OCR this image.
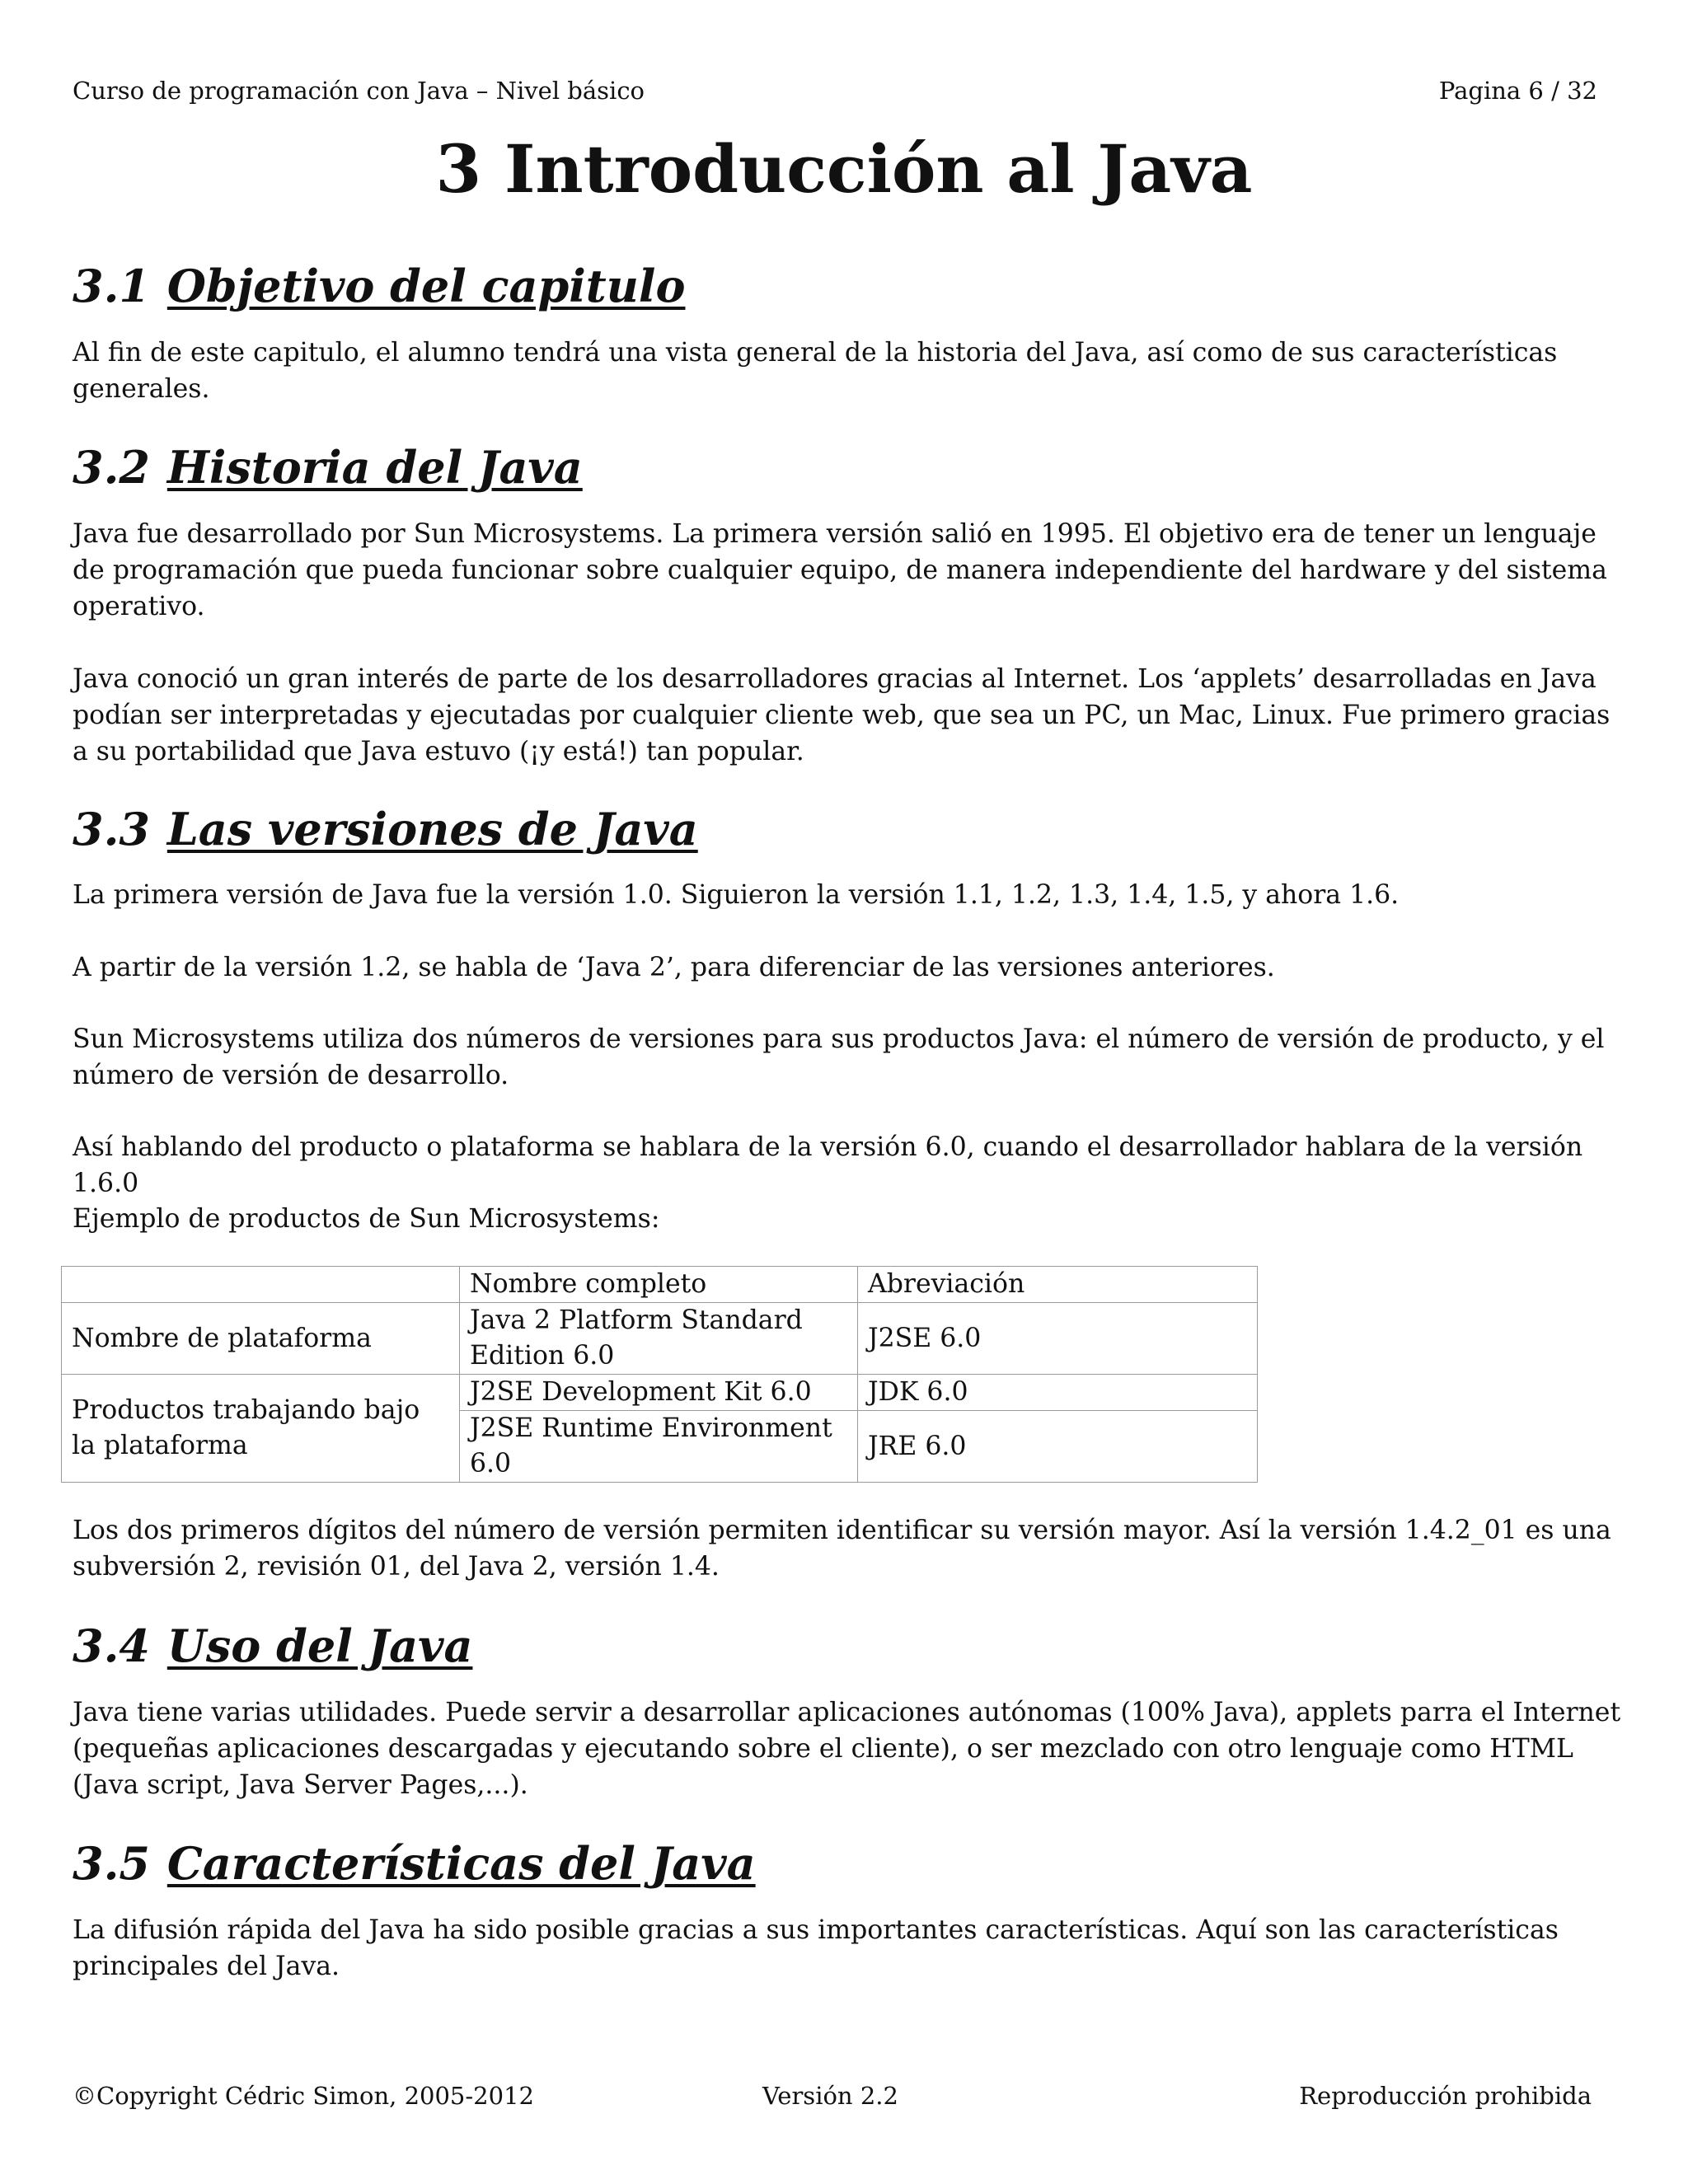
Curso de programación con Java – Nivel básico	Pagina 6 / 32
3 Introducción al Java
3.1 Objetivo del capitulo
Al fin de este capitulo, el alumno tendrá una vista general de la historia del Java, así como de sus características generales.
3.2 Historia del Java
Java fue desarrollado por Sun Microsystems. La primera versión salió en 1995. El objetivo era de tener un lenguaje de programación que pueda funcionar sobre cualquier equipo, de manera independiente del hardware y del sistema operativo.
Java conoció un gran interés de parte de los desarrolladores gracias al Internet. Los ‘applets’ desarrolladas en Java podían ser interpretadas y ejecutadas por cualquier cliente web, que sea un PC, un Mac, Linux. Fue primero gracias a su portabilidad que Java estuvo (¡y está!) tan popular.
3.3 Las versiones de Java
La primera versión de Java fue la versión 1.0. Siguieron la versión 1.1, 1.2, 1.3, 1.4, 1.5, y ahora 1.6.
A partir de la versión 1.2, se habla de ‘Java 2’, para diferenciar de las versiones anteriores.
Sun Microsystems utiliza dos números de versiones para sus productos Java: el número de versión de producto, y el número de versión de desarrollo.
Así hablando del producto o plataforma se hablara de la versión 6.0, cuando el desarrollador hablara de la versión 1.6.0
Ejemplo de productos de Sun Microsystems:
	Nombre completo	Abreviación
Nombre de plataforma	Java 2 Platform Standard Edition 6.0	J2SE 6.0
Productos trabajando bajo la plataforma	J2SE Development Kit 6.0	JDK 6.0
	J2SE Runtime Environment 6.0	JRE 6.0
Los dos primeros dígitos del número de versión permiten identificar su versión mayor. Así la versión 1.4.2_01 es una subversión 2, revisión 01, del Java 2, versión 1.4.
3.4 Uso del Java
Java tiene varias utilidades. Puede servir a desarrollar aplicaciones autónomas (100% Java), applets parra el Internet (pequeñas aplicaciones descargadas y ejecutando sobre el cliente), o ser mezclado con otro lenguaje como HTML (Java script, Java Server Pages,...).
3.5 Características del Java
La difusión rápida del Java ha sido posible gracias a sus importantes características. Aquí son las características principales del Java.
©Copyright Cédric Simon, 2005-2012	Versión 2.2	Reproducción prohibida
